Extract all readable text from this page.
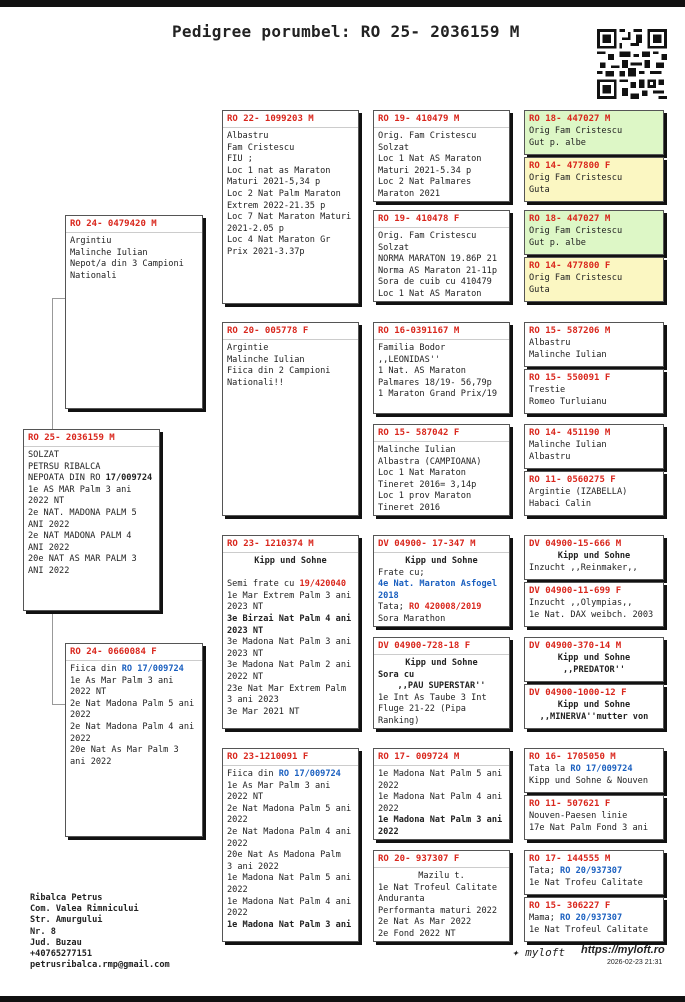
Pedigree porumbel: RO 25- 2036159 M
RO 25- 2036159 M
SOLZAT
PETRSU RIBALCA
NEPOATA DIN RO 17/009724
1e AS MAR Palm 3 ani
2022 NT
2e NAT. MADONA PALM 5
ANI 2022
2e NAT MADONA PALM 4
ANI 2022
20e NAT AS MAR PALM 3
ANI 2022
RO 24- 0479420 M
Argintiu
Malinche Iulian
Nepot/a din 3 Campioni
Nationali
RO 24- 0660084 F
Fiica din RO 17/009724
1e As Mar Palm 3 ani
2022 NT
2e Nat Madona Palm 5 ani
2022
2e Nat Madona Palm 4 ani
2022
20e Nat As Mar Palm 3
ani 2022
RO 22- 1099203 M
Albastru
Fam Cristescu
FIU ;
Loc 1 nat as Maraton
Maturi 2021-5,34 p
Loc 2 Nat Palm Maraton
Extrem 2022-21.35 p
Loc 7 Nat Maraton Maturi
2021-2.05 p
Loc 4 Nat Maraton Gr
Prix 2021-3.37p
RO 20- 005778 F
Argintie
Malinche Iulian
Fiica din 2 Campioni
Nationali!!
RO 23- 1210374 M
Kipp und Sohne

Semi frate cu 19/420040
1e Mar Extrem Palm 3 ani
2023 NT
3e Birzai Nat Palm 4 ani
2023 NT
3e Madona Nat Palm 3 ani
2023 NT
3e Madona Nat Palm 2 ani
2022 NT
23e Nat Mar Extrem Palm
3 ani 2023
3e Mar 2021 NT
RO 23-1210091 F
Fiica din RO 17/009724
1e As Mar Palm 3 ani
2022 NT
2e Nat Madona Palm 5 ani
2022
2e Nat Madona Palm 4 ani
2022
20e Nat As Madona Palm
3 ani 2022
1e Madona Nat Palm 5 ani
2022
1e Madona Nat Palm 4 ani
2022
1e Madona Nat Palm 3 ani
RO 19- 410479 M
Orig. Fam Cristescu
Solzat
Loc 1 Nat AS Maraton
Maturi 2021-5.34 p
Loc 2 Nat Palmares
Maraton 2021
RO 19- 410478 F
Orig. Fam Cristescu
Solzat
NORMA MARATON 19.86P 21
Norma AS Maraton 21-11p
Sora de cuib cu 410479
Loc 1 Nat AS Maraton
RO 16-0391167 M
Familia Bodor
,,LEONIDAS''
1 Nat. AS Maraton
Palmares 18/19- 56,79p
1 Maraton Grand Prix/19
RO 15- 587042 F
Malinche Iulian
Albastra (CAMPIOANA)
Loc 1 Nat Maraton
Tineret 2016= 3,14p
Loc 1 prov Maraton
Tineret 2016
DV 04900- 17-347 M
Kipp und Sohne
Frate cu;
4e Nat. Maraton Asfogel
2018
Tata; RO 420008/2019
Sora Marathon
DV 04900-728-18 F
Kipp und Sohne
Sora cu
,,PAU SUPERSTAR''
1e Int As Taube 3 Int
Fluge 21-22 (Pipa
Ranking)
RO 17- 009724 M
1e Madona Nat Palm 5 ani
2022
1e Madona Nat Palm 4 ani
2022
1e Madona Nat Palm 3 ani
2022
RO 20- 937307 F
Mazilu t.
1e Nat Trofeul Calitate
Anduranta
Performanta maturi 2022
2e Nat As Mar 2022
2e Fond 2022 NT
RO 18- 447027 M
Orig Fam Cristescu
Gut p. albe
RO 14- 477800 F
Orig Fam Cristescu
Guta
RO 18- 447027 M
Orig Fam Cristescu
Gut p. albe
RO 14- 477800 F
Orig Fam Cristescu
Guta
RO 15- 587206 M
Albastru
Malinche Iulian
RO 15- 550091 F
Trestie
Romeo Turluianu
RO 14- 451190 M
Malinche Iulian
Albastru
RO 11- 0560275 F
Argintie (IZABELLA)
Habaci Calin
DV 04900-15-666 M
Kipp und Sohne
Inzucht ,,Reinmaker,,
DV 04900-11-699 F
Inzucht ,,Olympias,,
1e Nat. DAX weibch. 2003
DV 04900-370-14 M
Kipp und Sohne
,,PREDATOR''
DV 04900-1000-12 F
Kipp und Sohne
,,MINERVA''mutter von
RO 16- 1705050 M
Tata la RO 17/009724
Kipp und Sohne & Nouven
RO 11- 507621 F
Nouven-Paesen linie
17e Nat Palm Fond 3 ani
RO 17- 144555 M
Tata; RO 20/937307
1e Nat Trofeu Calitate
RO 15- 306227 F
Mama; RO 20/937307
1e Nat Trofeul Calitate
Ribalca Petrus
Com. Valea Rimnicului
Str. Amurgului
Nr. 8
Jud. Buzau
+40765277151
petrusribalca.rmp@gmail.com
✦ myloft https://myloft.ro
2026-02-23 21:31
